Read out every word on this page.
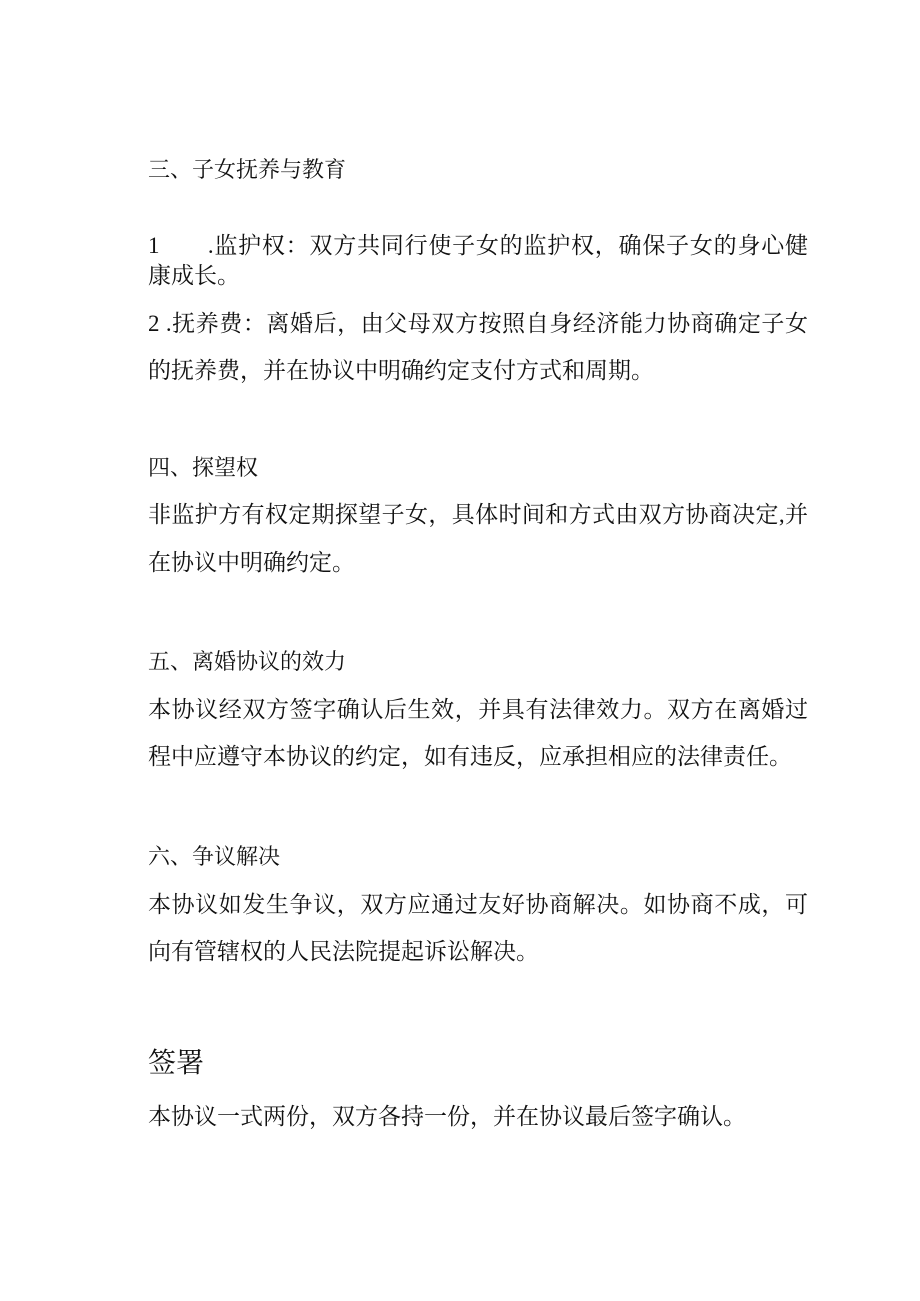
三、子女抚养与教育
1　　.监护权：双方共同行使子女的监护权，确保子女的身心健
康成长。
2 .抚养费：离婚后，由父母双方按照自身经济能力协商确定子女
的抚养费，并在协议中明确约定支付方式和周期。
四、探望权
非监护方有权定期探望子女，具体时间和方式由双方协商决定,并
在协议中明确约定。
五、离婚协议的效力
本协议经双方签字确认后生效，并具有法律效力。双方在离婚过
程中应遵守本协议的约定，如有违反，应承担相应的法律责任。
六、争议解决
本协议如发生争议，双方应通过友好协商解决。如协商不成，可
向有管辖权的人民法院提起诉讼解决。
签署
本协议一式两份，双方各持一份，并在协议最后签字确认。
